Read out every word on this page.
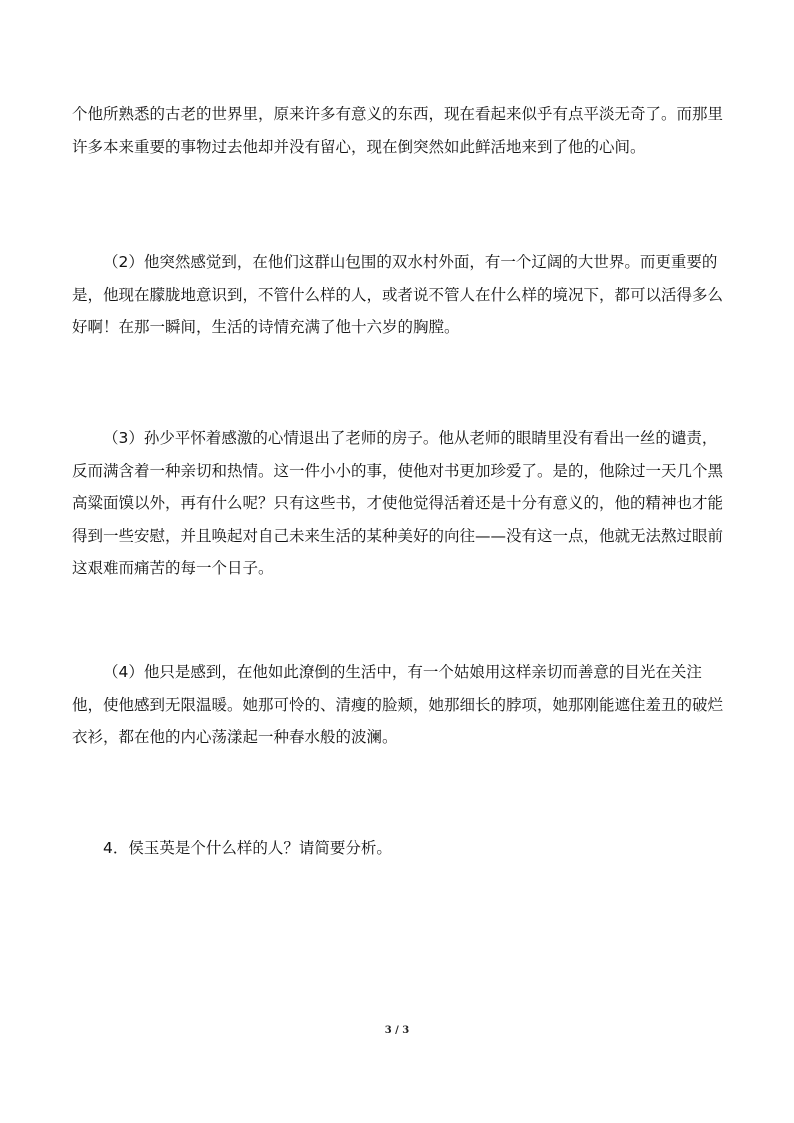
个他所熟悉的古老的世界里，原来许多有意义的东西，现在看起来似乎有点平淡无奇了。而那里许多本来重要的事物过去他却并没有留心，现在倒突然如此鲜活地来到了他的心间。

（2）他突然感觉到，在他们这群山包围的双水村外面，有一个辽阔的大世界。而更重要的是，他现在朦胧地意识到，不管什么样的人，或者说不管人在什么样的境况下，都可以活得多么好啊！在那一瞬间，生活的诗情充满了他十六岁的胸膛。

（3）孙少平怀着感激的心情退出了老师的房子。他从老师的眼睛里没有看出一丝的谴责，反而满含着一种亲切和热情。这一件小小的事，使他对书更加珍爱了。是的，他除过一天几个黑高粱面馍以外，再有什么呢？只有这些书，才使他觉得活着还是十分有意义的，他的精神也才能得到一些安慰，并且唤起对自己未来生活的某种美好的向往——没有这一点，他就无法熬过眼前这艰难而痛苦的每一个日子。

（4）他只是感到，在他如此潦倒的生活中，有一个姑娘用这样亲切而善意的目光在关注他，使他感到无限温暖。她那可怜的、清瘦的脸颊，她那细长的脖项，她那刚能遮住羞丑的破烂衣衫，都在他的内心荡漾起一种春水般的波澜。

4．侯玉英是个什么样的人？请简要分析。

3 / 3
